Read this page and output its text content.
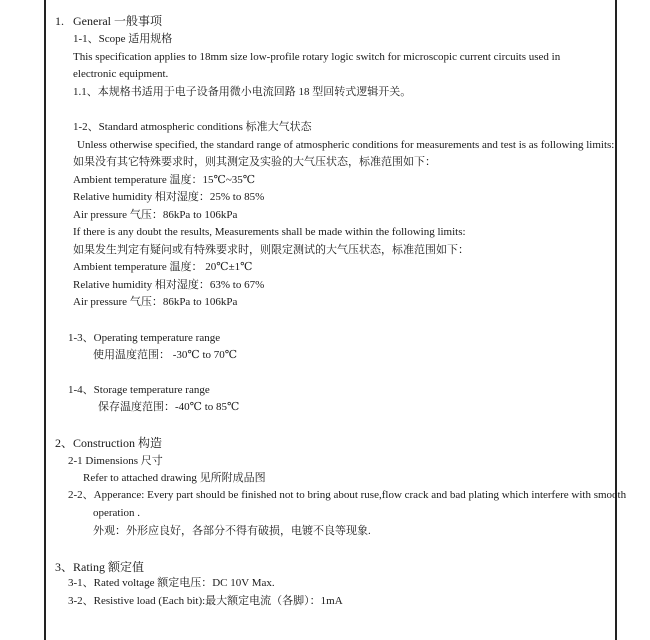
1. General 一般事项
1-1、Scope 适用规格
This specification applies to 18mm size low-profile rotary logic switch for microscopic current circuits used in
electronic equipment.
1.1、本规格书适用于电子设备用微小电流回路 18 型回转式逻辑开关。
1-2、Standard atmospheric conditions 标准大气状态
Unless otherwise specified, the standard range of atmospheric conditions for measurements and test is as following limits:
如果没有其它特殊要求时，则其测定及实验的大气压状态，标准范围如下：
Ambient temperature 温度：15℃~35℃
Relative humidity 相对湿度：25% to 85%
Air pressure 气压：86kPa to 106kPa
If there is any doubt the results, Measurements shall be made within the following limits:
如果发生判定有疑问或有特殊要求时，则限定测试的大气压状态，标准范围如下：
Ambient temperature 温度： 20℃±1℃
Relative humidity 相对湿度：63% to 67%
Air pressure 气压：86kPa to 106kPa
1-3、Operating temperature range
使用温度范围： -30℃ to 70℃
1-4、Storage temperature range
保存温度范围：-40℃ to 85℃
2、Construction 构造
2-1 Dimensions 尺寸
Refer to attached drawing 见所附成品图
2-2、Apperance: Every part should be finished not to bring about ruse,flow crack and bad plating which interfere with smooth
operation .
外观：外形应良好，各部分不得有破损，电镀不良等现象.
3、Rating 额定值
3-1、Rated voltage 额定电压：DC 10V Max.
3-2、Resistive load (Each bit):最大额定电流（各脚）：1mA
